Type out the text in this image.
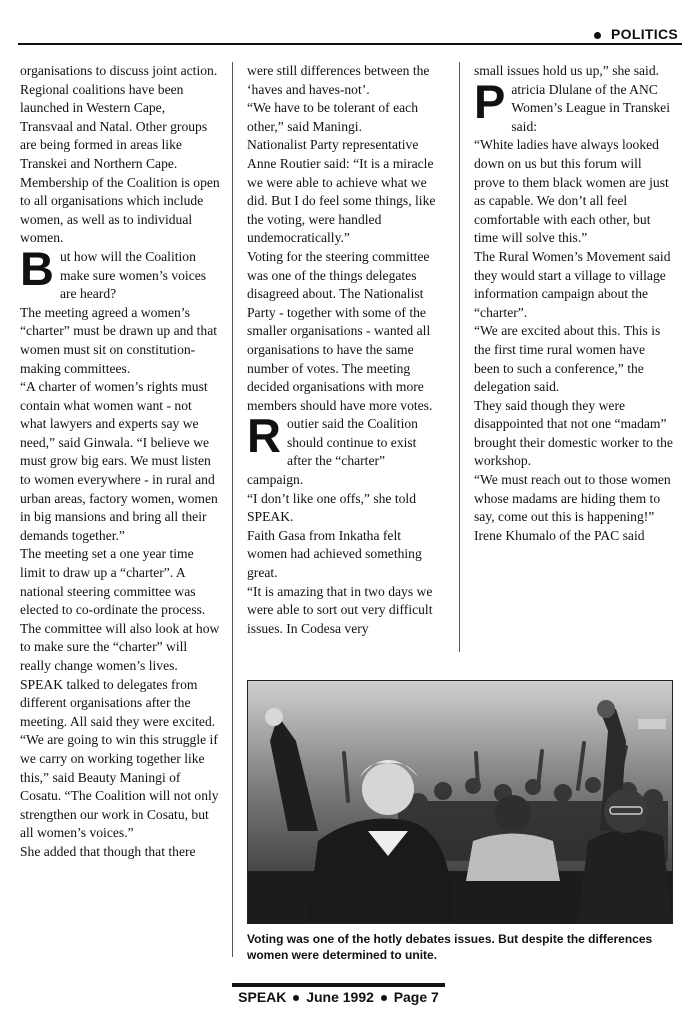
POLITICS

organisations to discuss joint action. Regional coalitions have been launched in Western Cape, Transvaal and Natal. Other groups are being formed in areas like Transkei and Northern Cape. Membership of the Coalition is open to all organisations which include women, as well as to individual women.

But how will the Coalition make sure women’s voices are heard?

The meeting agreed a women’s “charter” must be drawn up and that women must sit on constitution-making committees.

“A charter of women’s rights must contain what women want - not what lawyers and experts say we need,” said Ginwala. “I believe we must grow big ears. We must listen to women everywhere - in rural and urban areas, factory women, women in big mansions and bring all their demands together.”

The meeting set a one year time limit to draw up a “charter”. A national steering committee was elected to co-ordinate the process. The committee will also look at how to make sure the “charter” will really change women’s lives.

SPEAK talked to delegates from different organisations after the meeting. All said they were excited.

“We are going to win this struggle if we carry on working together like this,” said Beauty Maningi of Cosatu. “The Coalition will not only strengthen our work in Cosatu, but all women’s voices.”

She added that though that there

were still differences between the ‘haves and haves-not’.

“We have to be tolerant of each other,” said Maningi.

Nationalist Party representative Anne Routier said: “It is a miracle we were able to achieve what we did. But I do feel some things, like the voting, were handled undemocratically.”

Voting for the steering committee was one of the things delegates disagreed about. The Nationalist Party - together with some of the smaller organisations - wanted all organisations to have the same number of votes. The meeting decided organisations with more members should have more votes.

Routier said the Coalition should continue to exist after the “charter” campaign.

“I don’t like one offs,” she told SPEAK.

Faith Gasa from Inkatha felt women had achieved something great.

“It is amazing that in two days we were able to sort out very difficult issues. In Codesa very

small issues hold us up,” she said.

Patricia Dlulane of the ANC Women’s League in Transkei said:

“White ladies have always looked down on us but this forum will prove to them black women are just as capable. We don’t all feel comfortable with each other, but time will solve this.”

The Rural Women’s Movement said they would start a village to village information campaign about the “charter”.

“We are excited about this. This is the first time rural women have been to such a conference,” the delegation said.

They said though they were disappointed that not one “madam” brought their domestic worker to the workshop.

“We must reach out to those women whose madams are hiding them to say, come out this is happening!”

Irene Khumalo of the PAC said

Voting was one of the hotly debates issues. But despite the differences women were determined to unite.
SPEAK June 1992 Page 7
